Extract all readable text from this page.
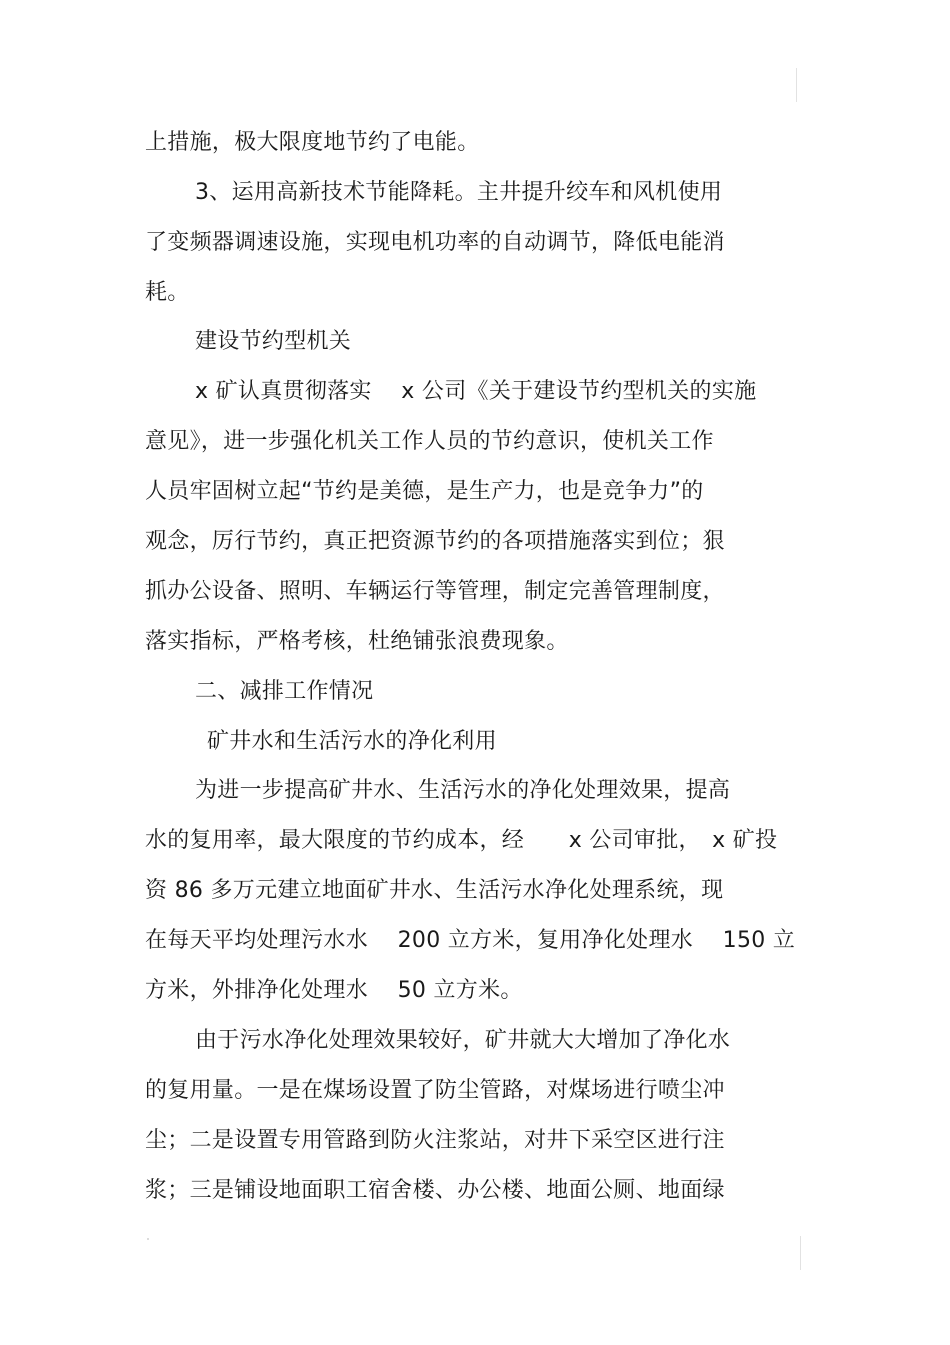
上措施，极大限度地节约了电能。
3、运用高新技术节能降耗。主井提升绞车和风机使用
了变频器调速设施，实现电机功率的自动调节，降低电能消
耗。
建设节约型机关
x 矿认真贯彻落实　 x 公司《关于建设节约型机关的实施
意见》，进一步强化机关工作人员的节约意识，使机关工作
人员牢固树立起“节约是美德，是生产力，也是竞争力”的
观念，厉行节约，真正把资源节约的各项措施落实到位；狠
抓办公设备、照明、车辆运行等管理，制定完善管理制度，
落实指标，严格考核，杜绝铺张浪费现象。
二、减排工作情况
矿井水和生活污水的净化利用
为进一步提高矿井水、生活污水的净化处理效果，提高
水的复用率，最大限度的节约成本，经　　x 公司审批，　x 矿投
资 86 多万元建立地面矿井水、生活污水净化处理系统，现
在每天平均处理污水水　 200 立方米，复用净化处理水　 150 立
方米，外排净化处理水　 50 立方米。
由于污水净化处理效果较好，矿井就大大增加了净化水
的复用量。一是在煤场设置了防尘管路，对煤场进行喷尘冲
尘；二是设置专用管路到防火注浆站，对井下采空区进行注
浆；三是铺设地面职工宿舍楼、办公楼、地面公厕、地面绿
